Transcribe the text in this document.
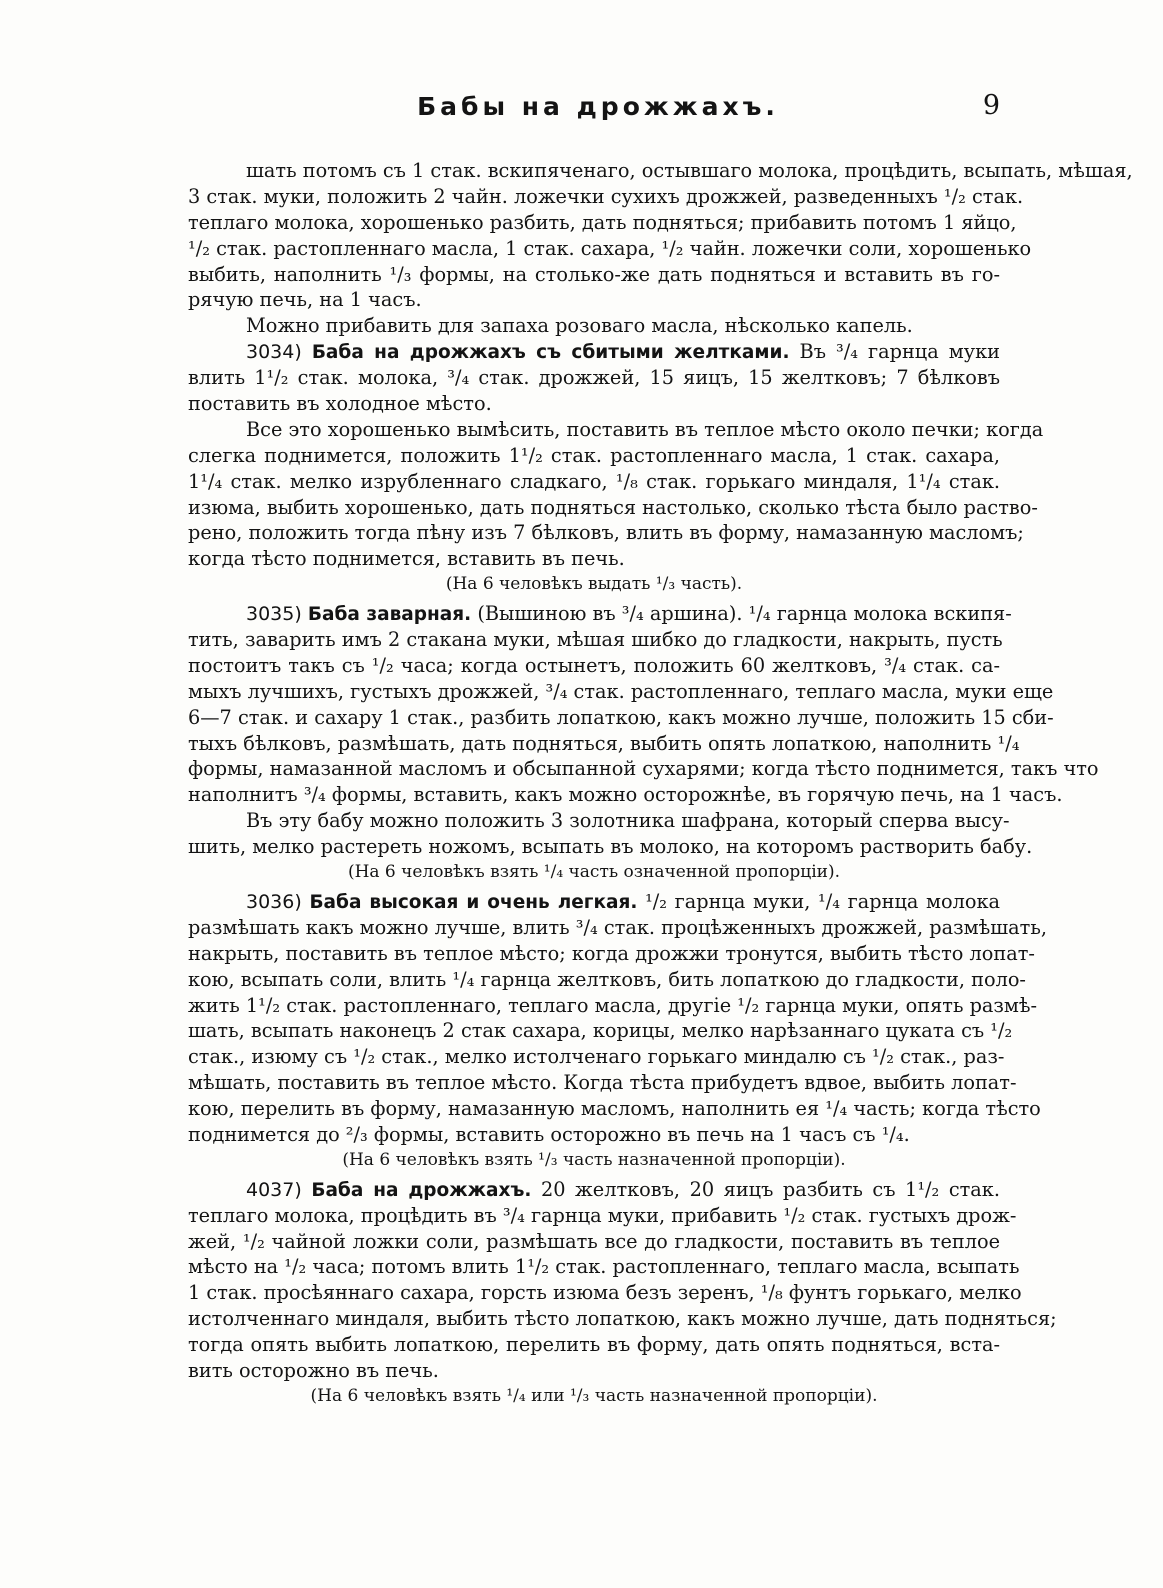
Бабы на дрожжахъ.	9
шать потомъ съ 1 стак. вскипяченаго, остывшаго молока, процѣдить, всыпать, мѣшая,
3 стак. муки, положить 2 чайн. ложечки сухихъ дрожжей, разведенныхъ ¹/₂ стак.
теплаго молока, хорошенько разбить, дать подняться; прибавить потомъ 1 яйцо,
¹/₂ стак. растопленнаго масла, 1 стак. сахара, ¹/₂ чайн. ложечки соли, хорошенько
выбить, наполнить ¹/₃ формы, на столько-же дать подняться и вставить въ го-
рячую печь, на 1 часъ.
Можно прибавить для запаха розоваго масла, нѣсколько капель.
3034) Баба на дрожжахъ съ сбитыми желтками. Въ ³/₄ гарнца муки
влить 1¹/₂ стак. молока, ³/₄ стак. дрожжей, 15 яицъ, 15 желтковъ; 7 бѣлковъ
поставить въ холодное мѣсто.
Все это хорошенько вымѣсить, поставить въ теплое мѣсто около печки; когда
слегка поднимется, положить 1¹/₂ стак. растопленнаго масла, 1 стак. сахара,
1¹/₄ стак. мелко изрубленнаго сладкаго, ¹/₈ стак. горькаго миндаля, 1¹/₄ стак.
изюма, выбить хорошенько, дать подняться настолько, сколько тѣста было раство-
рено, положить тогда пѣну изъ 7 бѣлковъ, влить въ форму, намазанную масломъ;
когда тѣсто поднимется, вставить въ печь.
(На 6 человѣкъ выдать ¹/₃ часть).
3035) Баба заварная. (Вышиною въ ³/₄ аршина). ¹/₄ гарнца молока вскипя-
тить, заварить имъ 2 стакана муки, мѣшая шибко до гладкости, накрыть, пусть
постоитъ такъ съ ¹/₂ часа; когда остынетъ, положить 60 желтковъ, ³/₄ стак. са-
мыхъ лучшихъ, густыхъ дрожжей, ³/₄ стак. растопленнаго, теплаго масла, муки еще
6—7 стак. и сахару 1 стак., разбить лопаткою, какъ можно лучше, положить 15 сби-
тыхъ бѣлковъ, размѣшать, дать подняться, выбить опять лопаткою, наполнить ¹/₄
формы, намазанной масломъ и обсыпанной сухарями; когда тѣсто поднимется, такъ что
наполнитъ ³/₄ формы, вставить, какъ можно осторожнѣе, въ горячую печь, на 1 часъ.
Въ эту бабу можно положить 3 золотника шафрана, который сперва высу-
шить, мелко растереть ножомъ, всыпать въ молоко, на которомъ растворить бабу.
(На 6 человѣкъ взять ¹/₄ часть означенной пропорціи).
3036) Баба высокая и очень легкая. ¹/₂ гарнца муки, ¹/₄ гарнца молока
размѣшать какъ можно лучше, влить ³/₄ стак. процѣженныхъ дрожжей, размѣшать,
накрыть, поставить въ теплое мѣсто; когда дрожжи тронутся, выбить тѣсто лопат-
кою, всыпать соли, влить ¹/₄ гарнца желтковъ, бить лопаткою до гладкости, поло-
жить 1¹/₂ стак. растопленнаго, теплаго масла, другіе ¹/₂ гарнца муки, опять размѣ-
шать, всыпать наконецъ 2 стак сахара, корицы, мелко нарѣзаннаго цуката съ ¹/₂
стак., изюму съ ¹/₂ стак., мелко истолченаго горькаго миндалю съ ¹/₂ стак., раз-
мѣшать, поставить въ теплое мѣсто. Когда тѣста прибудетъ вдвое, выбить лопат-
кою, перелить въ форму, намазанную масломъ, наполнить ея ¹/₄ часть; когда тѣсто
поднимется до ²/₃ формы, вставить осторожно въ печь на 1 часъ съ ¹/₄.
(На 6 человѣкъ взять ¹/₃ часть назначенной пропорціи).
4037) Баба на дрожжахъ. 20 желтковъ, 20 яицъ разбить съ 1¹/₂ стак.
теплаго молока, процѣдить въ ³/₄ гарнца муки, прибавить ¹/₂ стак. густыхъ дрож-
жей, ¹/₂ чайной ложки соли, размѣшать все до гладкости, поставить въ теплое
мѣсто на ¹/₂ часа; потомъ влить 1¹/₂ стак. растопленнаго, теплаго масла, всыпать
1 стак. просѣяннаго сахара, горсть изюма безъ зеренъ, ¹/₈ фунтъ горькаго, мелко
истолченнаго миндаля, выбить тѣсто лопаткою, какъ можно лучше, дать подняться;
тогда опять выбить лопаткою, перелить въ форму, дать опять подняться, вста-
вить осторожно въ печь.
(На 6 человѣкъ взять ¹/₄ или ¹/₃ часть назначенной пропорціи).
